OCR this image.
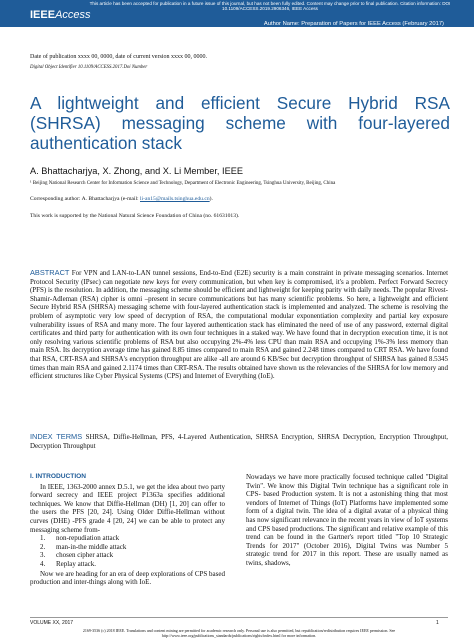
This article has been accepted for publication in a future issue of this journal, but has not been fully edited. Content may change prior to final publication. Citation information: DOI 10.1109/ACCESS.2019.2906346, IEEE Access
IEEEAccess
Author Name: Preparation of Papers for IEEE Access (February 2017)
Date of publication xxxx 00, 0000, date of current version xxxx 00, 0000.
Digital Object Identifier 10.1109/ACCESS.2017.Doi Number
A lightweight and efficient Secure Hybrid RSA (SHRSA) messaging scheme with four-layered authentication stack
A. Bhattacharjya, X. Zhong, and X. Li Member, IEEE
¹ Beijing National Research Center for Information Science and Technology, Department of Electronic Engineering, Tsinghua University, Beijing, China
Corresponding author: A. Bhattacharjya (e-mail: li-an15@mails.tsinghua.edu.cn).
This work is supported by the National Natural Science Foundation of China (no. 61631013).
ABSTRACT For VPN and LAN-to-LAN tunnel sessions, End-to-End (E2E) security is a main constraint in private messaging scenarios. Internet Protocol Security (IPsec) can negotiate new keys for every communication, but when key is compromised, it's a problem. Perfect Forward Secrecy (PFS) is the resolution. In addition, the messaging scheme should be efficient and lightweight for keeping parity with daily needs. The popular Rivest-Shamir-Adleman (RSA) cipher is omni –present in secure communications but has many scientific problems. So here, a lightweight and efficient Secure Hybrid RSA (SHRSA) messaging scheme with four-layered authentication stack is implemented and analyzed. The scheme is resolving the problem of asymptotic very low speed of decryption of RSA, the computational modular exponentiation complexity and partial key exposure vulnerability issues of RSA and many more. The four layered authentication stack has eliminated the need of use of any password, external digital certificates and third party for authentication with its own four techniques in a staked way. We have found that in decryption execution time, it is not only resolving various scientific problems of RSA but also occupying 2%-4% less CPU than main RSA and occupying 1%-3% less memory than main RSA. Its decryption average time has gained 8.85 times compared to main RSA and gained 2.248 times compared to CRT RSA. We have found that RSA, CRT-RSA and SHRSA's encryption throughput are alike -all are around 6 KB/Sec but decryption throughput of SHRSA has gained 8.5345 times than main RSA and gained 2.1174 times than CRT-RSA. The results obtained have shown us the relevancies of the SHRSA for low memory and efficient structures like Cyber Physical Systems (CPS) and Internet of Everything (IoE).
INDEX TERMS SHRSA, Diffie-Hellman, PFS, 4-Layered Authentication, SHRSA Encryption, SHRSA Decryption, Encryption Throughput, Decryption Throughput
I. INTRODUCTION
In IEEE, 1363-2000 annex D.5.1, we get the idea about two party forward secrecy and IEEE project P1363a specifies additional techniques. We know that Diffie-Hellman (DH) [1, 20] can offer to the users the PFS [20, 24]. Using Older Diffie-Hellman without curves (DHE) -PFS grade 4 [20, 24] we can be able to protect any messaging scheme from-
1. non-repudiation attack
2. man-in-the middle attack
3. chosen cipher attack
4. Replay attack.
Now we are heading for an era of deep explorations of CPS based production and inter-things along with IoE.
Nowadays we have more practically focused technique called "Digital Twin". We know this Digital Twin technique has a significant role in CPS- based Production system. It is not a astonishing thing that most vendors of Internet of Things (IoT) Platforms have implemented some form of a digital twin. The idea of a digital avatar of a physical thing has now significant relevance in the recent years in view of IoT systems and CPS based productions. The significant and relative example of this trend can be found in the Gartner's report titled "Top 10 Strategic Trends for 2017" (October 2016), Digital Twins was Number 5 strategic trend for 2017 in this report. These are usually named as twins, shadows,
VOLUME XX, 2017	1
2169-3536 (c) 2018 IEEE. Translations and content mining are permitted for academic research only. Personal use is also permitted, but republication/redistribution requires IEEE permission. See http://www.ieee.org/publications_standards/publications/rights/index.html for more information.
